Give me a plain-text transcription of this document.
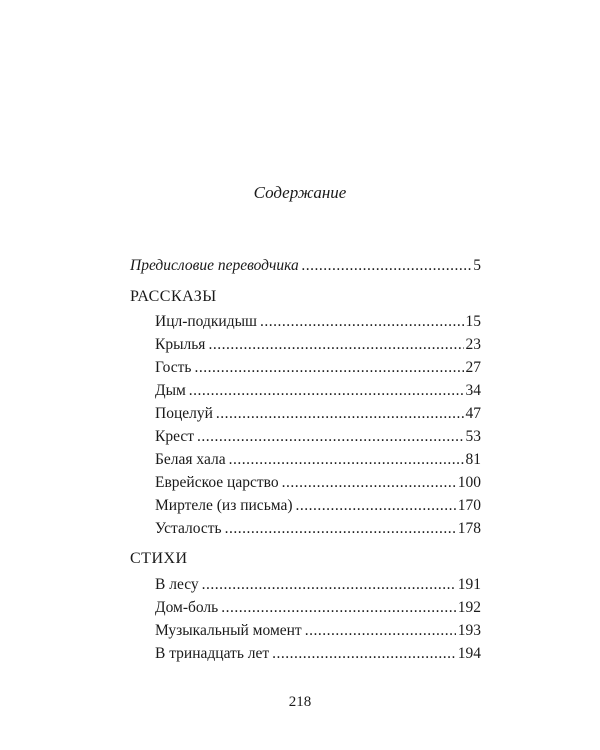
Содержание
Предисловие переводчика .....	5
РАССКАЗЫ
Ицл-подкидыш .....	15
Крылья .....	23
Гость .....	27
Дым .....	34
Поцелуй .....	47
Крест .....	53
Белая хала .....	81
Еврейское царство .....	100
Миртеле (из письма) .....	170
Усталость .....	178
СТИХИ
В лесу .....	191
Дом-боль .....	192
Музыкальный момент .....	193
В тринадцать лет .....	194
218
